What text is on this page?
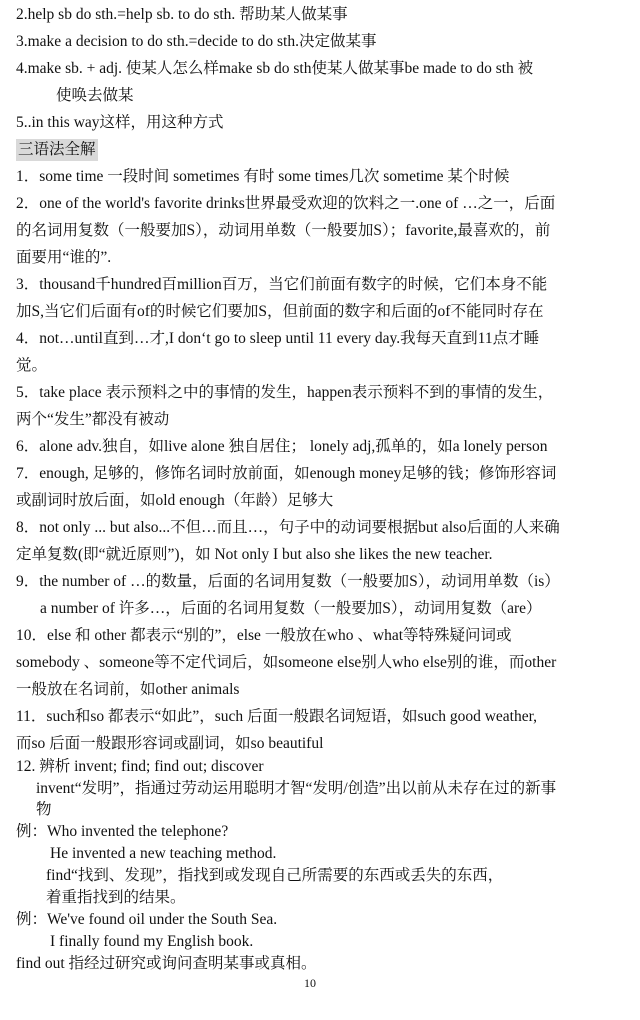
2.help sb do sth.=help sb. to do sth. 帮助某人做某事
3.make a decision to do sth.=decide to do sth.决定做某事
4.make sb. + adj. 使某人怎么样make sb do sth使某人做某事be made to do sth 被
使唤去做某
5..in this way这样，用这种方式
三语法全解
1．some time 一段时间 sometimes 有时 some times几次 sometime 某个时候
2．one of the world's favorite drinks世界最受欢迎的饮料之一.one of …之一，后面
的名词用复数（一般要加S），动词用单数（一般要加S）；favorite,最喜欢的，前
面要用“谁的”.
3．thousand千hundred百million百万，当它们前面有数字的时候，它们本身不能
加S,当它们后面有of的时候它们要加S，但前面的数字和后面的of不能同时存在
4．not…until直到…才,I don‘t go to sleep until 11 every day.我每天直到11点才睡
觉。
5．take place 表示预料之中的事情的发生，happen表示预料不到的事情的发生，
两个“发生”都没有被动
6．alone adv.独自，如live alone 独自居住； lonely adj,孤单的，如a lonely person
7．enough, 足够的，修饰名词时放前面，如enough money足够的钱；修饰形容词
或副词时放后面，如old enough（年龄）足够大
8．not only ... but also...不但…而且…，句子中的动词要根据but also后面的人来确
定单复数(即“就近原则”)，如 Not only I but also she likes the new teacher.
9．the number of …的数量，后面的名词用复数（一般要加S），动词用单数（is）
a number of 许多…，后面的名词用复数（一般要加S），动词用复数（are）
10．else 和 other 都表示“别的”，else 一般放在who 、what等特殊疑问词或
somebody 、someone等不定代词后，如someone else别人who else别的谁，而other
一般放在名词前，如other animals
11．such和so 都表示“如此”，such 后面一般跟名词短语，如such good weather,
而so 后面一般跟形容词或副词，如so beautiful
12. 辨析 invent; find; find out; discover
invent“发明”，指通过劳动运用聪明才智“发明/创造”出以前从未存在过的新事
物
例：Who invented the telephone?
He invented a new teaching method.
find“找到、发现”，指找到或发现自己所需要的东西或丢失的东西，
着重指找到的结果。
例：We've found oil under the South Sea.
I finally found my English book.
find out 指经过研究或询问查明某事或真相。
10
